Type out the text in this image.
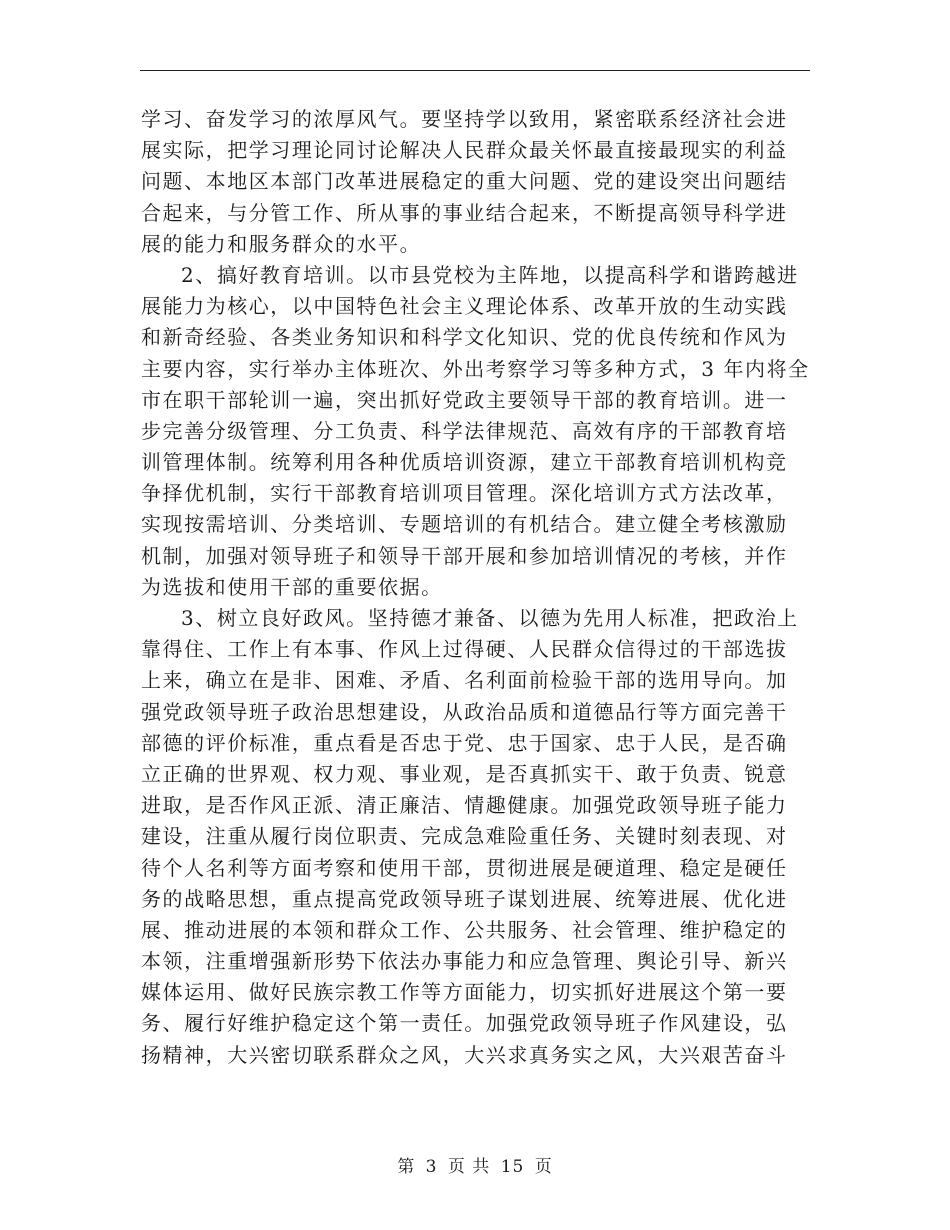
学习、奋发学习的浓厚风气。要坚持学以致用，紧密联系经济社会进
展实际，把学习理论同讨论解决人民群众最关怀最直接最现实的利益
问题、本地区本部门改革进展稳定的重大问题、党的建设突出问题结
合起来，与分管工作、所从事的事业结合起来，不断提高领导科学进
展的能力和服务群众的水平。
2、搞好教育培训。以市县党校为主阵地，以提高科学和谐跨越进
展能力为核心，以中国特色社会主义理论体系、改革开放的生动实践
和新奇经验、各类业务知识和科学文化知识、党的优良传统和作风为
主要内容，实行举办主体班次、外出考察学习等多种方式，3 年内将全
市在职干部轮训一遍，突出抓好党政主要领导干部的教育培训。进一
步完善分级管理、分工负责、科学法律规范、高效有序的干部教育培
训管理体制。统筹利用各种优质培训资源，建立干部教育培训机构竞
争择优机制，实行干部教育培训项目管理。深化培训方式方法改革，
实现按需培训、分类培训、专题培训的有机结合。建立健全考核激励
机制，加强对领导班子和领导干部开展和参加培训情况的考核，并作
为选拔和使用干部的重要依据。
3、树立良好政风。坚持德才兼备、以德为先用人标准，把政治上
靠得住、工作上有本事、作风上过得硬、人民群众信得过的干部选拔
上来，确立在是非、困难、矛盾、名利面前检验干部的选用导向。加
强党政领导班子政治思想建设，从政治品质和道德品行等方面完善干
部德的评价标准，重点看是否忠于党、忠于国家、忠于人民，是否确
立正确的世界观、权力观、事业观，是否真抓实干、敢于负责、锐意
进取，是否作风正派、清正廉洁、情趣健康。加强党政领导班子能力
建设，注重从履行岗位职责、完成急难险重任务、关键时刻表现、对
待个人名利等方面考察和使用干部，贯彻进展是硬道理、稳定是硬任
务的战略思想，重点提高党政领导班子谋划进展、统筹进展、优化进
展、推动进展的本领和群众工作、公共服务、社会管理、维护稳定的
本领，注重增强新形势下依法办事能力和应急管理、舆论引导、新兴
媒体运用、做好民族宗教工作等方面能力，切实抓好进展这个第一要
务、履行好维护稳定这个第一责任。加强党政领导班子作风建设，弘
扬精神，大兴密切联系群众之风，大兴求真务实之风，大兴艰苦奋斗
第 3 页 共 15 页
